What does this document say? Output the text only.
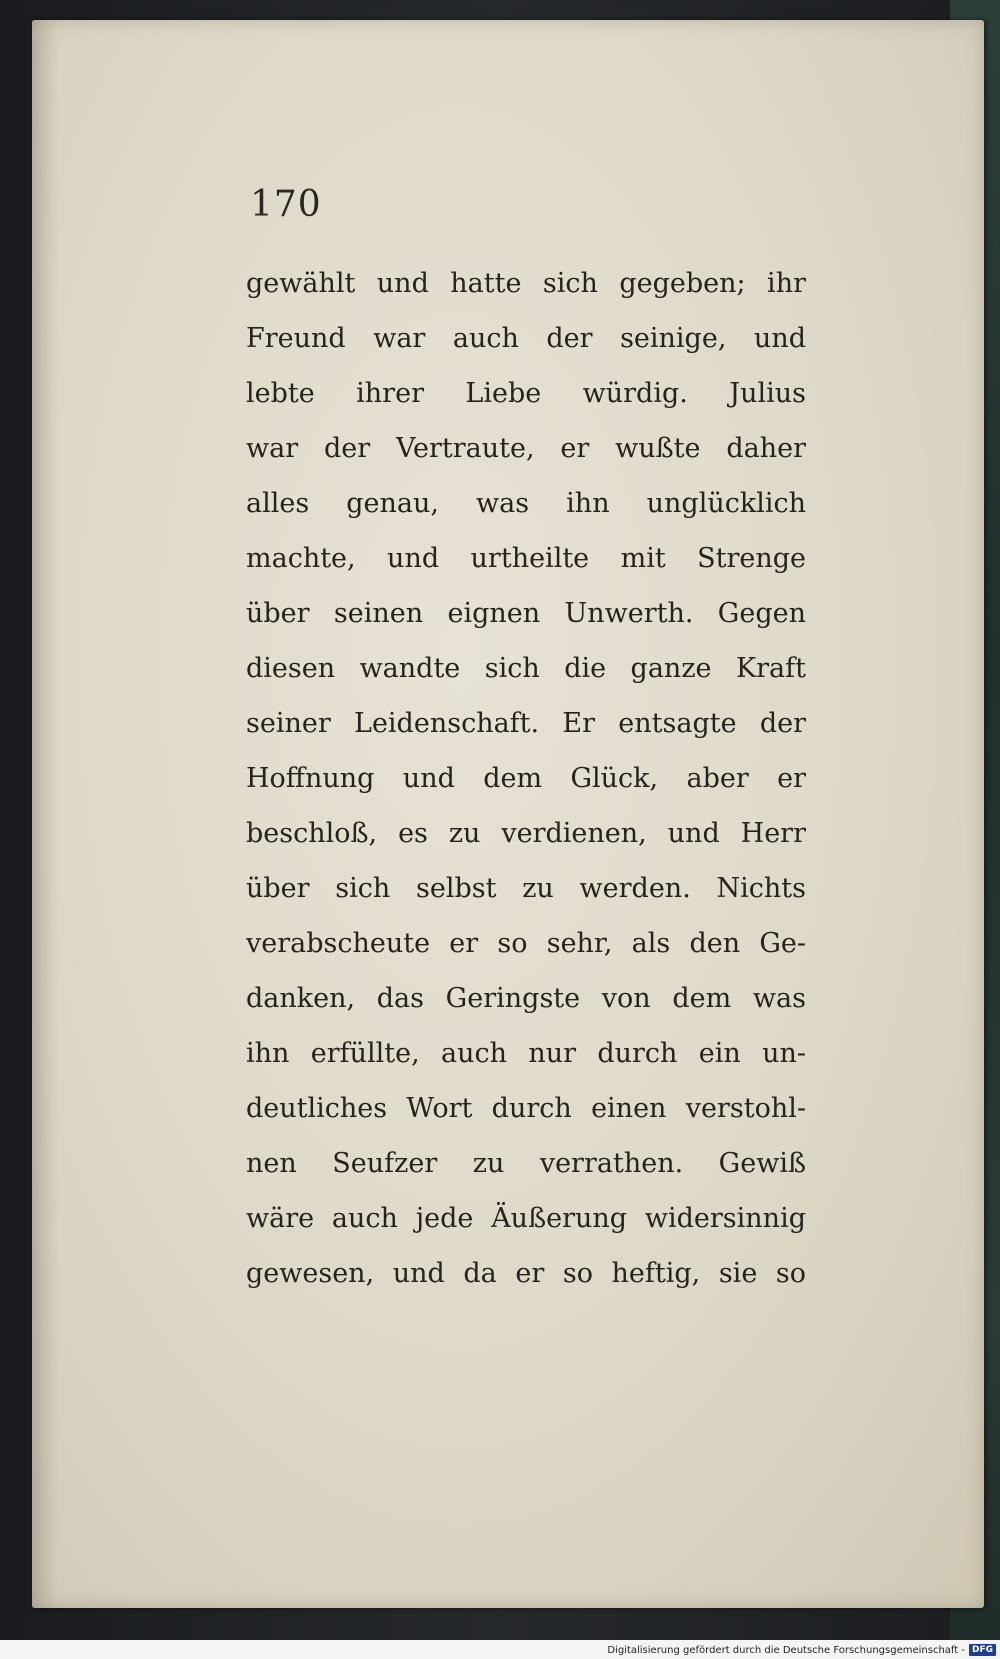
170

gewählt und hatte sich gegeben; ihr
Freund war auch der seinige, und
lebte ihrer Liebe würdig. Julius
war der Vertraute, er wußte daher
alles genau, was ihn unglücklich
machte, und urtheilte mit Strenge
über seinen eignen Unwerth. Gegen
diesen wandte sich die ganze Kraft
seiner Leidenschaft. Er entsagte der
Hoffnung und dem Glück, aber er
beschloß, es zu verdienen, und Herr
über sich selbst zu werden. Nichts
verabscheute er so sehr, als den Ge-
danken, das Geringste von dem was
ihn erfüllte, auch nur durch ein un-
deutliches Wort durch einen verstohl-
nen Seufzer zu verrathen. Gewiß
wäre auch jede Äußerung widersinnig
gewesen, und da er so heftig, sie so
Digitalisierung gefördert durch die Deutsche Forschungsgemeinschaft - DFG
